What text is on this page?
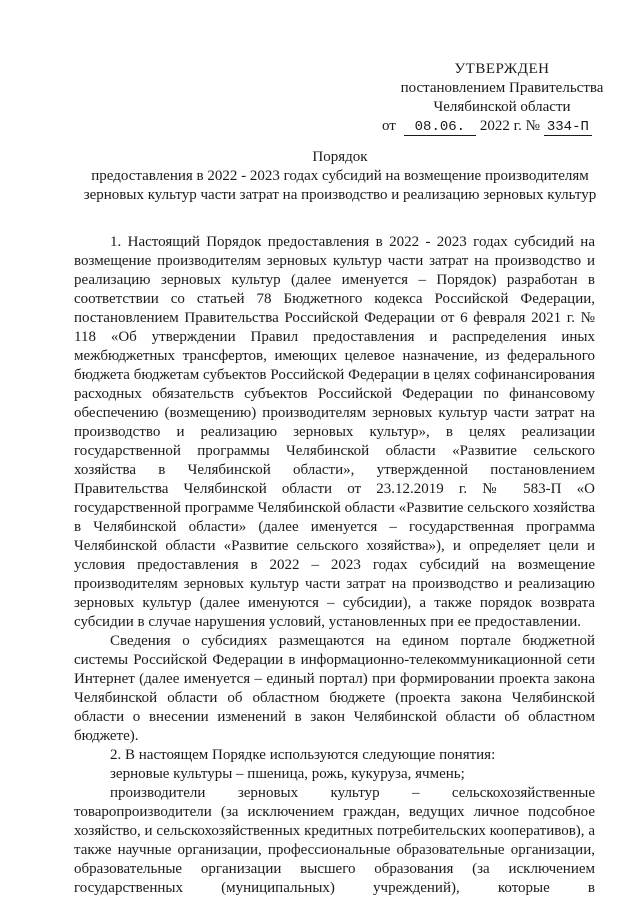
УТВЕРЖДЕН
постановлением Правительства
Челябинской области
от 08.06. 2022 г. № 334-П
Порядок
предоставления в 2022 - 2023 годах субсидий на возмещение производителям зерновых культур части затрат на производство и реализацию зерновых культур

1. Настоящий Порядок предоставления в 2022 - 2023 годах субсидий на возмещение производителям зерновых культур части затрат на производство и реализацию зерновых культур (далее именуется – Порядок) разработан в соответствии со статьей 78 Бюджетного кодекса Российской Федерации, постановлением Правительства Российской Федерации от 6 февраля 2021 г. № 118 «Об утверждении Правил предоставления и распределения иных межбюджетных трансфертов, имеющих целевое назначение, из федерального бюджета бюджетам субъектов Российской Федерации в целях софинансирования расходных обязательств субъектов Российской Федерации по финансовому обеспечению (возмещению) производителям зерновых культур части затрат на производство и реализацию зерновых культур», в целях реализации государственной программы Челябинской области «Развитие сельского хозяйства в Челябинской области», утвержденной постановлением Правительства Челябинской области от 23.12.2019 г. № 583-П «О государственной программе Челябинской области «Развитие сельского хозяйства в Челябинской области» (далее именуется – государственная программа Челябинской области «Развитие сельского хозяйства»), и определяет цели и условия предоставления в 2022 – 2023 годах субсидий на возмещение производителям зерновых культур части затрат на производство и реализацию зерновых культур (далее именуются – субсидии), а также порядок возврата субсидии в случае нарушения условий, установленных при ее предоставлении.

Сведения о субсидиях размещаются на едином портале бюджетной системы Российской Федерации в информационно-телекоммуникационной сети Интернет (далее именуется – единый портал) при формировании проекта закона Челябинской области об областном бюджете (проекта закона Челябинской области о внесении изменений в закон Челябинской области об областном бюджете).

2. В настоящем Порядке используются следующие понятия:

зерновые культуры – пшеница, рожь, кукуруза, ячмень;

производители зерновых культур – сельскохозяйственные товаропроизводители (за исключением граждан, ведущих личное подсобное хозяйство, и сельскохозяйственных кредитных потребительских кооперативов), а также научные организации, профессиональные образовательные организации, образовательные организации высшего образования (за исключением государственных (муниципальных) учреждений), которые в
